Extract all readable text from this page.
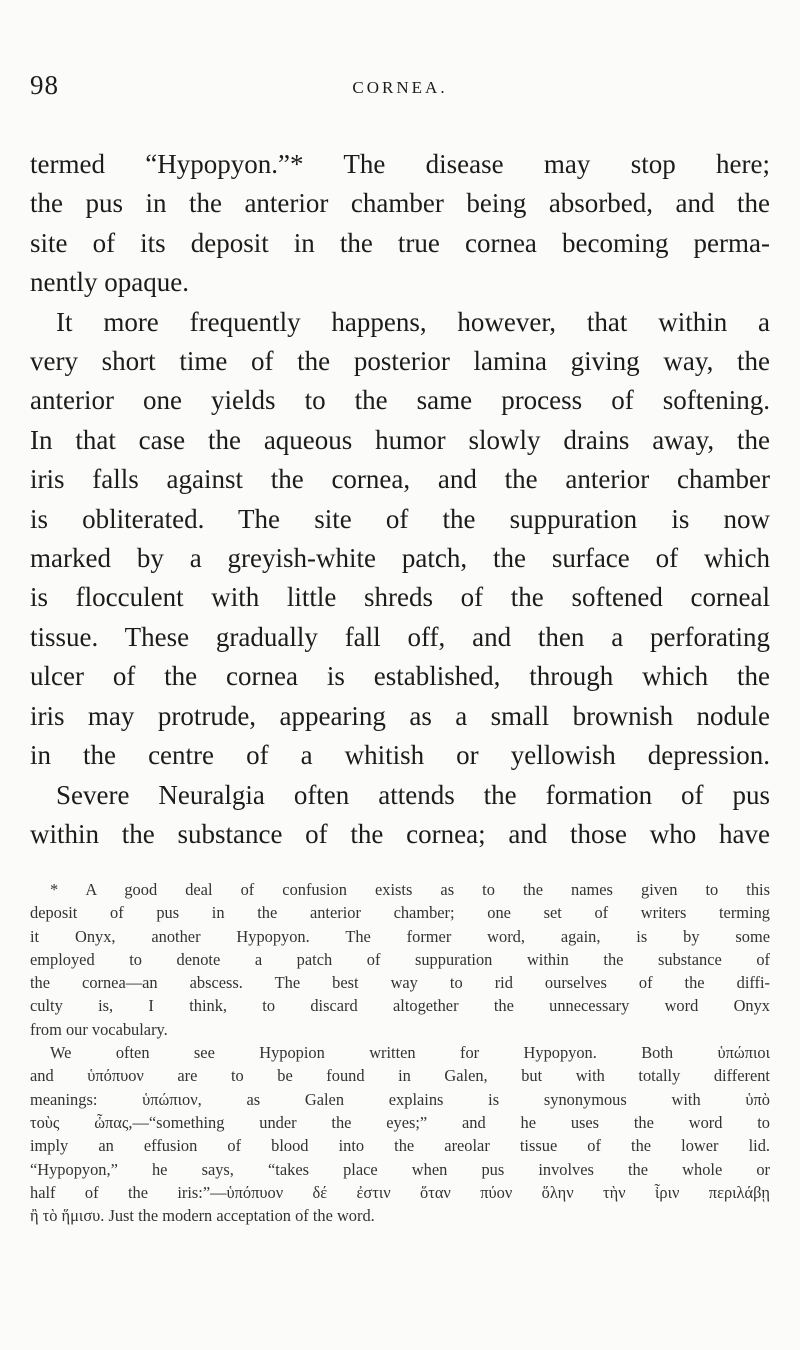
98	CORNEA.

termed “Hypopyon.”* The disease may stop here;

the pus in the anterior chamber being absorbed, and the

site of its deposit in the true cornea becoming perma-

nently opaque.

It more frequently happens, however, that within a

very short time of the posterior lamina giving way, the

anterior one yields to the same process of softening.

In that case the aqueous humor slowly drains away, the

iris falls against the cornea, and the anterior chamber

is obliterated. The site of the suppuration is now

marked by a greyish-white patch, the surface of which

is flocculent with little shreds of the softened corneal

tissue. These gradually fall off, and then a perforating

ulcer of the cornea is established, through which the

iris may protrude, appearing as a small brownish nodule

in the centre of a whitish or yellowish depression.

Severe Neuralgia often attends the formation of pus

within the substance of the cornea; and those who have

* A good deal of confusion exists as to the names given to this

deposit of pus in the anterior chamber; one set of writers terming

it Onyx, another Hypopyon. The former word, again, is by some

employed to denote a patch of suppuration within the substance of

the cornea—an abscess. The best way to rid ourselves of the diffi-

culty is, I think, to discard altogether the unnecessary word Onyx

from our vocabulary.

We often see Hypopion written for Hypopyon. Both ὑπώπιοι

and ὑπόπυον are to be found in Galen, but with totally different

meanings: ὑπώπιον, as Galen explains is synonymous with ὑπὸ

τοὺς ὦπας,—“something under the eyes;” and he uses the word to

imply an effusion of blood into the areolar tissue of the lower lid.

“Hypopyon,” he says, “takes place when pus involves the whole or

half of the iris:”—ὑπόπυον δέ ἐστιν ὅταν πύον ὅλην τὴν ἶριν περιλάβῃ

ἢ τὸ ἥμισυ. Just the modern acceptation of the word.
